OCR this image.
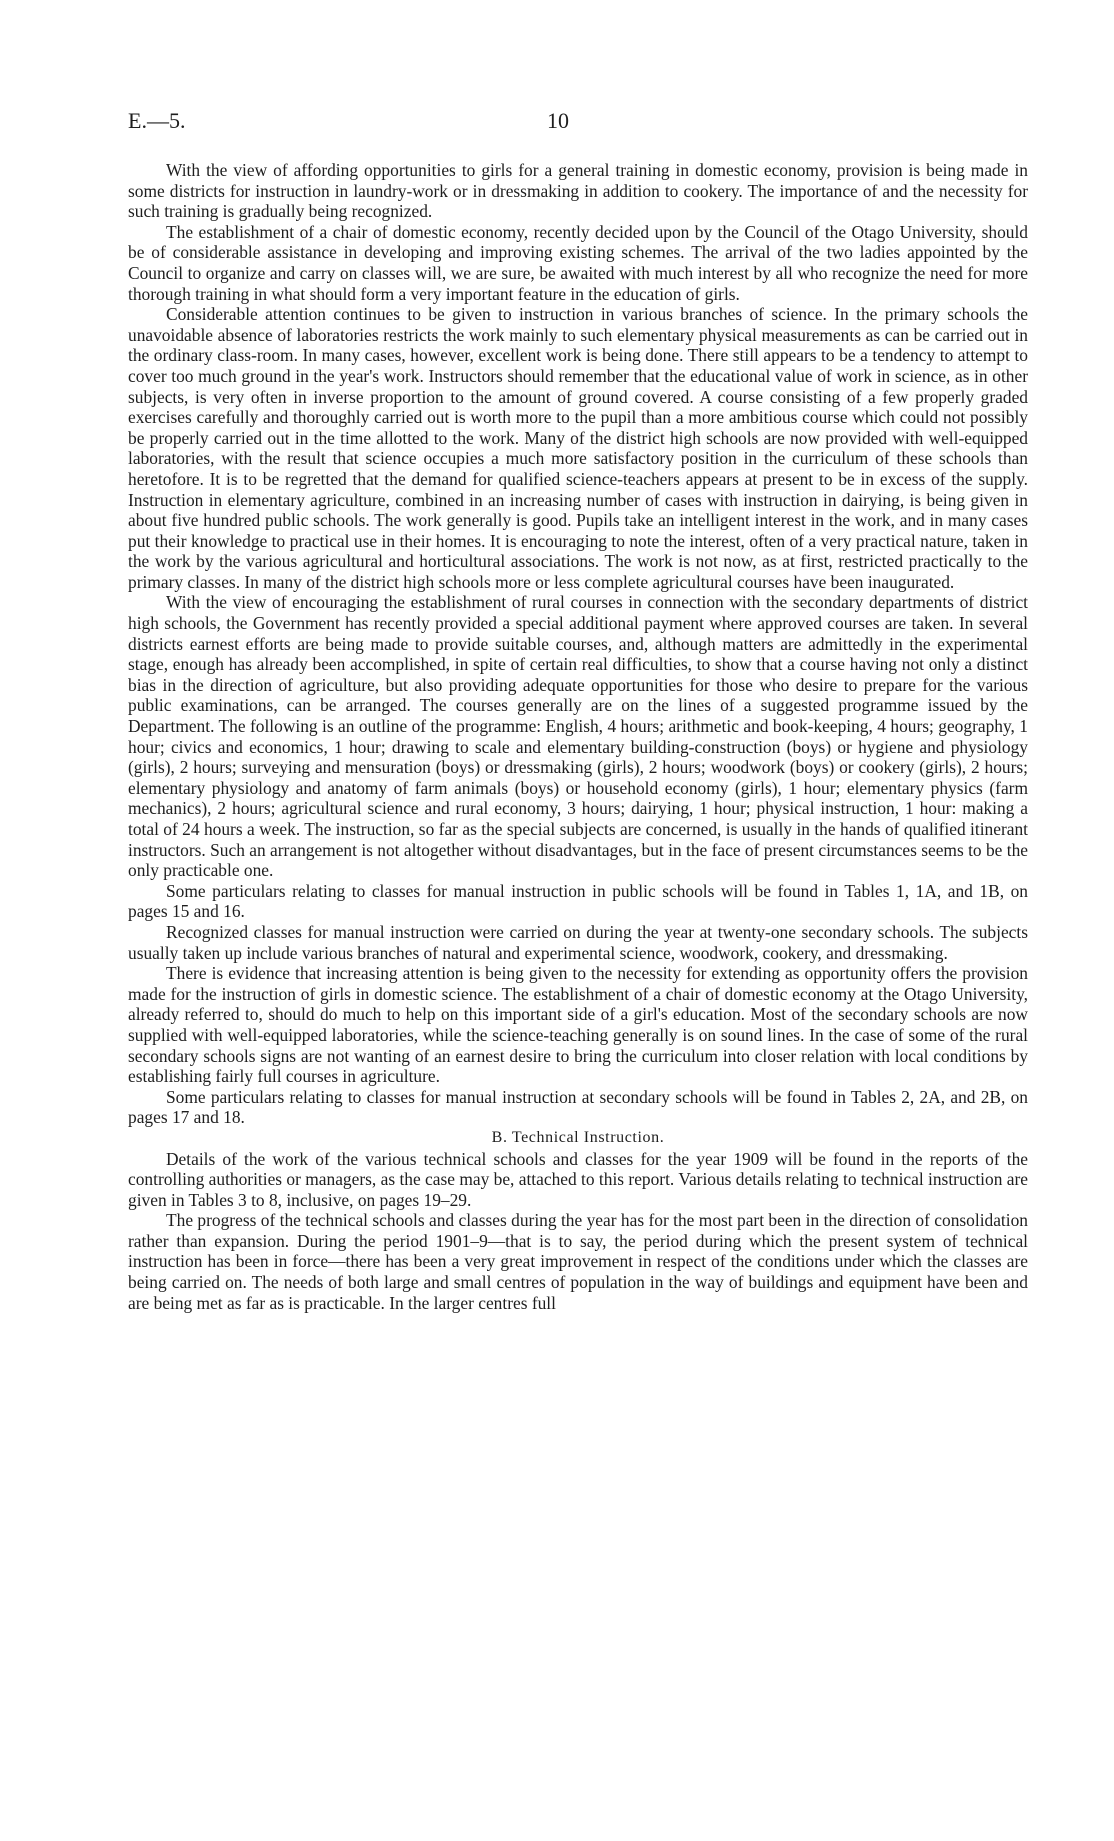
E.—5.	10

With the view of affording opportunities to girls for a general training in domestic economy, provision is being made in some districts for instruction in laundry-work or in dressmaking in addition to cookery. The importance of and the necessity for such training is gradually being recognized.

The establishment of a chair of domestic economy, recently decided upon by the Council of the Otago University, should be of considerable assistance in developing and improving existing schemes. The arrival of the two ladies appointed by the Council to organize and carry on classes will, we are sure, be awaited with much interest by all who recognize the need for more thorough training in what should form a very important feature in the education of girls.

Considerable attention continues to be given to instruction in various branches of science. In the primary schools the unavoidable absence of laboratories restricts the work mainly to such elementary physical measurements as can be carried out in the ordinary class-room. In many cases, however, excellent work is being done. There still appears to be a tendency to attempt to cover too much ground in the year's work. Instructors should remember that the educational value of work in science, as in other subjects, is very often in inverse proportion to the amount of ground covered. A course consisting of a few properly graded exercises carefully and thoroughly carried out is worth more to the pupil than a more ambitious course which could not possibly be properly carried out in the time allotted to the work. Many of the district high schools are now provided with well-equipped laboratories, with the result that science occupies a much more satisfactory position in the curriculum of these schools than heretofore. It is to be regretted that the demand for qualified science-teachers appears at present to be in excess of the supply. Instruction in elementary agriculture, combined in an increasing number of cases with instruction in dairying, is being given in about five hundred public schools. The work generally is good. Pupils take an intelligent interest in the work, and in many cases put their knowledge to practical use in their homes. It is encouraging to note the interest, often of a very practical nature, taken in the work by the various agricultural and horticultural associations. The work is not now, as at first, restricted practically to the primary classes. In many of the district high schools more or less complete agricultural courses have been inaugurated.

With the view of encouraging the establishment of rural courses in connection with the secondary departments of district high schools, the Government has recently provided a special additional payment where approved courses are taken. In several districts earnest efforts are being made to provide suitable courses, and, although matters are admittedly in the experimental stage, enough has already been accomplished, in spite of certain real difficulties, to show that a course having not only a distinct bias in the direction of agriculture, but also providing adequate opportunities for those who desire to prepare for the various public examinations, can be arranged. The courses generally are on the lines of a suggested programme issued by the Department. The following is an outline of the programme: English, 4 hours; arithmetic and book-keeping, 4 hours; geography, 1 hour; civics and economics, 1 hour; drawing to scale and elementary building-construction (boys) or hygiene and physiology (girls), 2 hours; surveying and mensuration (boys) or dressmaking (girls), 2 hours; woodwork (boys) or cookery (girls), 2 hours; elementary physiology and anatomy of farm animals (boys) or household economy (girls), 1 hour; elementary physics (farm mechanics), 2 hours; agricultural science and rural economy, 3 hours; dairying, 1 hour; physical instruction, 1 hour: making a total of 24 hours a week. The instruction, so far as the special subjects are concerned, is usually in the hands of qualified itinerant instructors. Such an arrangement is not altogether without disadvantages, but in the face of present circumstances seems to be the only practicable one.

Some particulars relating to classes for manual instruction in public schools will be found in Tables 1, 1A, and 1B, on pages 15 and 16.

Recognized classes for manual instruction were carried on during the year at twenty-one secondary schools. The subjects usually taken up include various branches of natural and experimental science, woodwork, cookery, and dressmaking.

There is evidence that increasing attention is being given to the necessity for extending as opportunity offers the provision made for the instruction of girls in domestic science. The establishment of a chair of domestic economy at the Otago University, already referred to, should do much to help on this important side of a girl's education. Most of the secondary schools are now supplied with well-equipped laboratories, while the science-teaching generally is on sound lines. In the case of some of the rural secondary schools signs are not wanting of an earnest desire to bring the curriculum into closer relation with local conditions by establishing fairly full courses in agriculture.

Some particulars relating to classes for manual instruction at secondary schools will be found in Tables 2, 2A, and 2B, on pages 17 and 18.

B. Technical Instruction.

Details of the work of the various technical schools and classes for the year 1909 will be found in the reports of the controlling authorities or managers, as the case may be, attached to this report. Various details relating to technical instruction are given in Tables 3 to 8, inclusive, on pages 19–29.

The progress of the technical schools and classes during the year has for the most part been in the direction of consolidation rather than expansion. During the period 1901–9—that is to say, the period during which the present system of technical instruction has been in force—there has been a very great improvement in respect of the conditions under which the classes are being carried on. The needs of both large and small centres of population in the way of buildings and equipment have been and are being met as far as is practicable. In the larger centres full
